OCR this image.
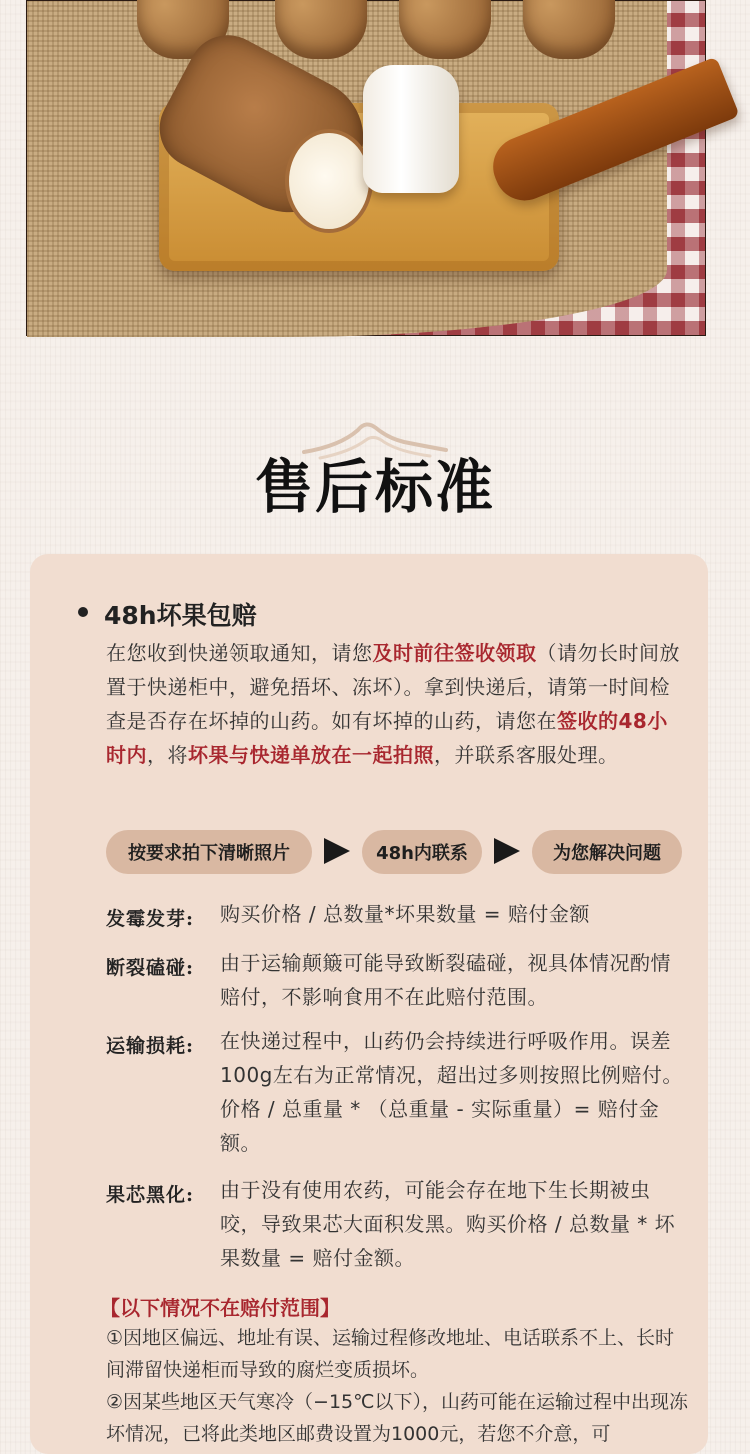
售后标准
48h坏果包赔
在您收到快递领取通知，请您及时前往签收领取（请勿长时间放置于快递柜中，避免捂坏、冻坏）。拿到快递后，请第一时间检查是否存在坏掉的山药。如有坏掉的山药，请您在签收的48小时内，将坏果与快递单放在一起拍照，并联系客服处理。
按要求拍下清晰照片	48h内联系	为您解决问题
发霉发芽:	购买价格 / 总数量*坏果数量 = 赔付金额
断裂磕碰:	由于运输颠簸可能导致断裂磕碰，视具体情况酌情赔付，不影响食用不在此赔付范围。
运输损耗:	在快递过程中，山药仍会持续进行呼吸作用。误差100g左右为正常情况，超出过多则按照比例赔付。价格 / 总重量 * （总重量 - 实际重量）= 赔付金额。
果芯黑化:	由于没有使用农药，可能会存在地下生长期被虫咬，导致果芯大面积发黑。购买价格 / 总数量 * 坏果数量 = 赔付金额。
【以下情况不在赔付范围】
①因地区偏远、地址有误、运输过程修改地址、电话联系不上、长时间滞留快递柜而导致的腐烂变质损坏。
②因某些地区天气寒冷（−15℃以下），山药可能在运输过程中出现冻坏情况，已将此类地区邮费设置为1000元，若您不介意，可
